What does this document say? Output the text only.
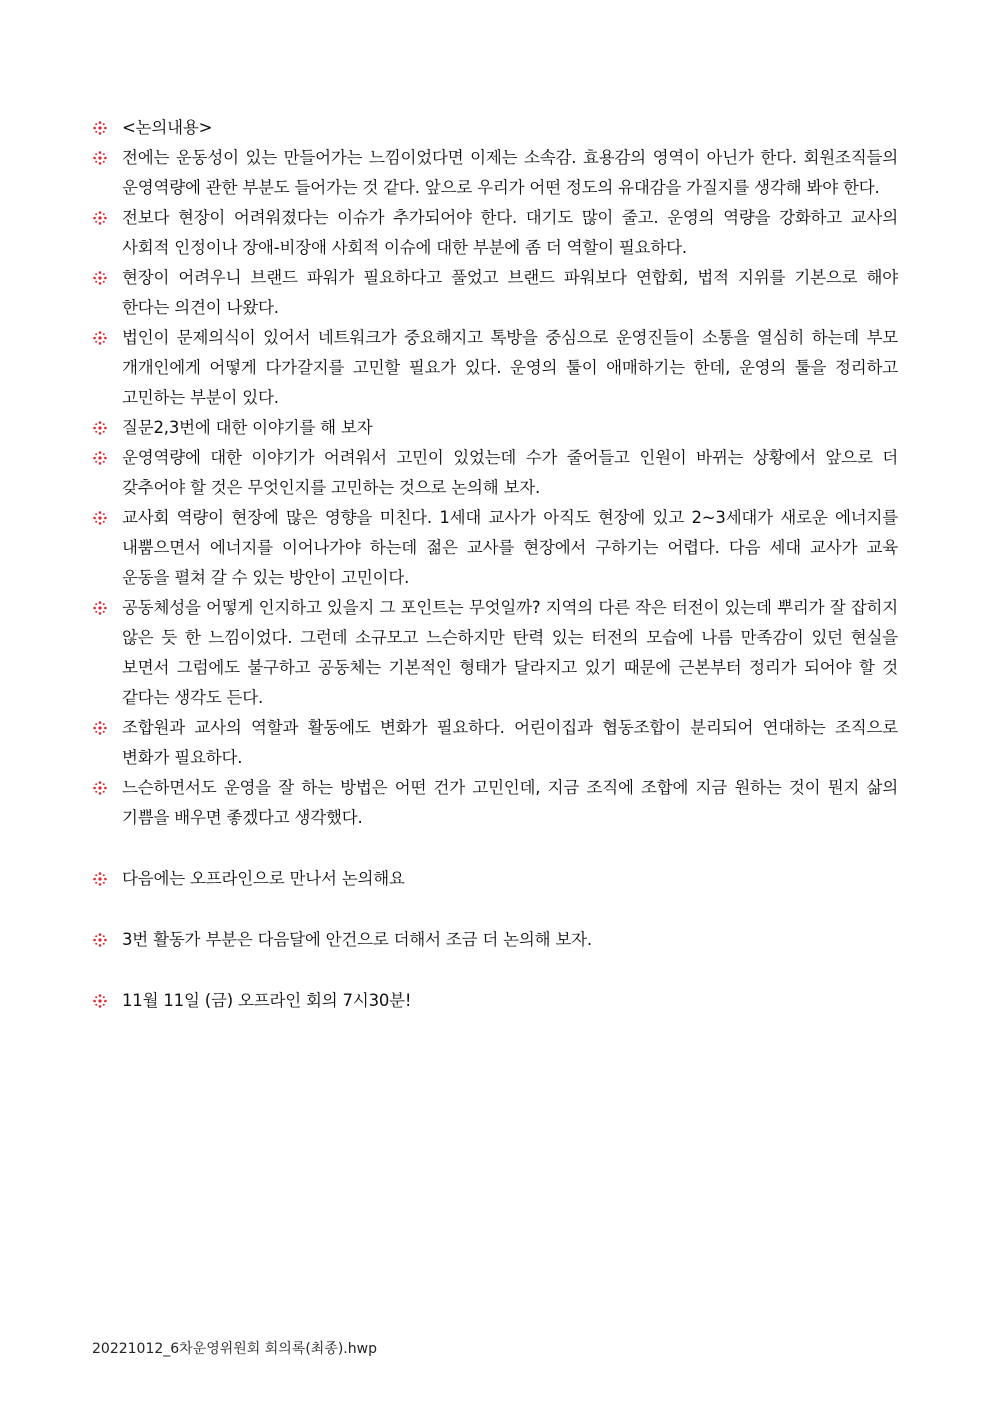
<논의내용>
전에는 운동성이 있는 만들어가는 느낌이었다면 이제는 소속감. 효용감의 영역이 아닌가 한다. 회원조직들의 운영역량에 관한 부분도 들어가는 것 같다. 앞으로 우리가 어떤 정도의 유대감을 가질지를 생각해 봐야 한다.
전보다 현장이 어려워졌다는 이슈가 추가되어야 한다. 대기도 많이 줄고. 운영의 역량을 강화하고 교사의 사회적 인정이나 장애-비장애 사회적 이슈에 대한 부분에 좀 더 역할이 필요하다.
현장이 어려우니 브랜드 파워가 필요하다고 풀었고 브랜드 파워보다 연합회, 법적 지위를 기본으로 해야 한다는 의견이 나왔다.
법인이 문제의식이 있어서 네트워크가 중요해지고 톡방을 중심으로 운영진들이 소통을 열심히 하는데 부모 개개인에게 어떻게 다가갈지를 고민할 필요가 있다. 운영의 툴이 애매하기는 한데, 운영의 툴을 정리하고 고민하는 부분이 있다.
질문2,3번에 대한 이야기를 해 보자
운영역량에 대한 이야기가 어려워서 고민이 있었는데 수가 줄어들고 인원이 바뀌는 상황에서 앞으로 더 갖추어야 할 것은 무엇인지를 고민하는 것으로 논의해 보자.
교사회 역량이 현장에 많은 영향을 미친다. 1세대 교사가 아직도 현장에 있고 2~3세대가 새로운 에너지를 내뿜으면서 에너지를 이어나가야 하는데 젊은 교사를 현장에서 구하기는 어렵다. 다음 세대 교사가 교육 운동을 펼쳐 갈 수 있는 방안이 고민이다.
공동체성을 어떻게 인지하고 있을지 그 포인트는 무엇일까? 지역의 다른 작은 터전이 있는데 뿌리가 잘 잡히지 않은 듯 한 느낌이었다. 그런데 소규모고 느슨하지만 탄력 있는 터전의 모습에 나름 만족감이 있던 현실을 보면서 그럼에도 불구하고 공동체는 기본적인 형태가 달라지고 있기 때문에 근본부터 정리가 되어야 할 것 같다는 생각도 든다.
조합원과 교사의 역할과 활동에도 변화가 필요하다. 어린이집과 협동조합이 분리되어 연대하는 조직으로 변화가 필요하다.
느슨하면서도 운영을 잘 하는 방법은 어떤 건가 고민인데, 지금 조직에 조합에 지금 원하는 것이 뭔지 삶의 기쁨을 배우면 좋겠다고 생각했다.
다음에는 오프라인으로 만나서 논의해요
3번 활동가 부분은 다음달에 안건으로 더해서 조금 더 논의해 보자.
11월 11일 (금) 오프라인 회의 7시30분!
20221012_6차운영위원회 회의록(최종).hwp
